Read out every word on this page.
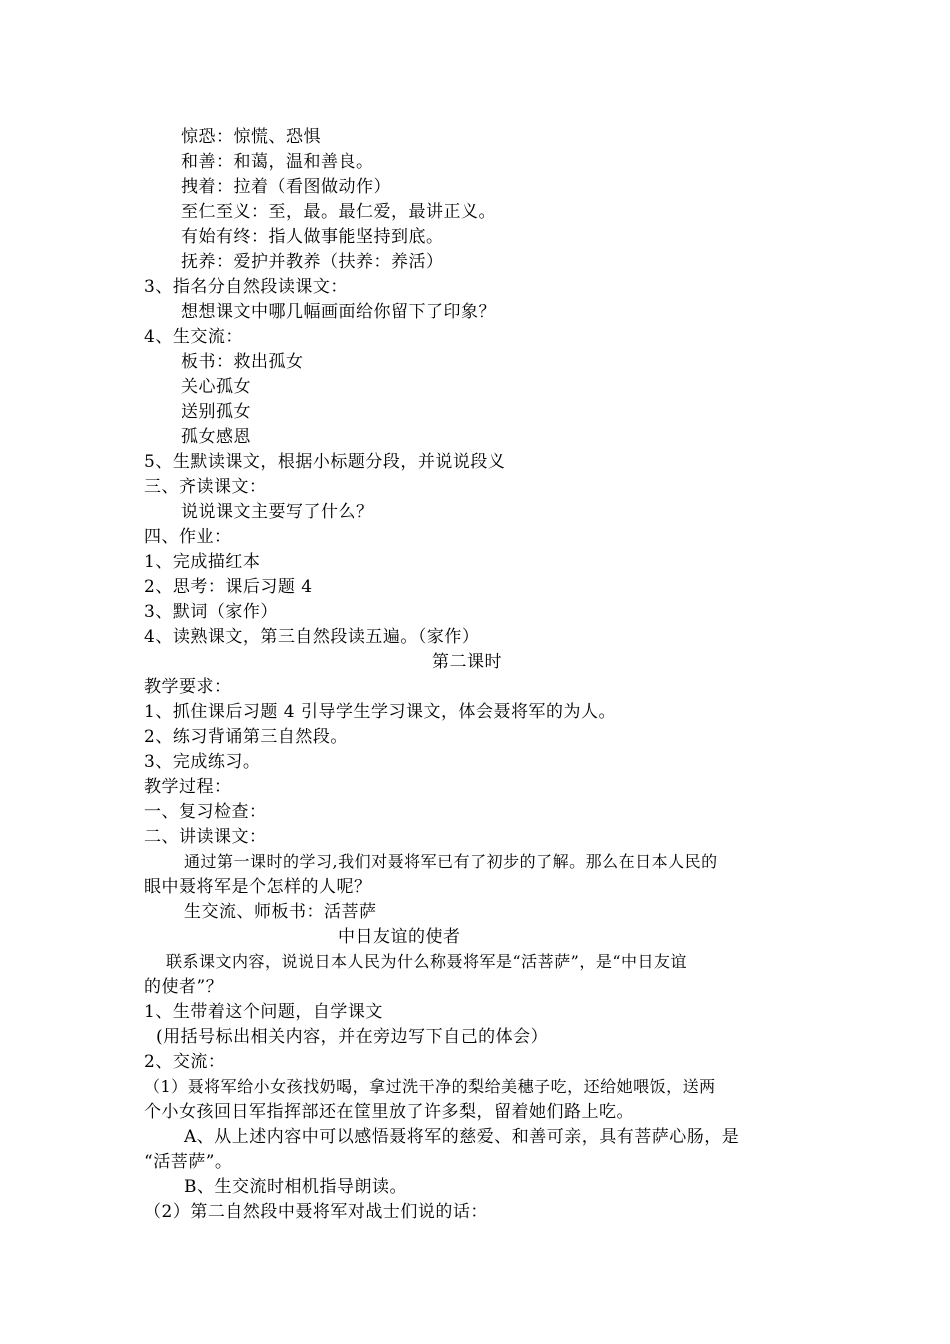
惊恐：惊慌、恐惧
和善：和蔼，温和善良。
拽着：拉着（看图做动作）
至仁至义：至，最。最仁爱，最讲正义。
有始有终：指人做事能坚持到底。
抚养：爱护并教养（扶养：养活）
3、指名分自然段读课文：
想想课文中哪几幅画面给你留下了印象？
4、生交流：
板书：救出孤女
关心孤女
送别孤女
孤女感恩
5、生默读课文，根据小标题分段，并说说段义
三、齐读课文：
说说课文主要写了什么？
四、作业：
1、完成描红本
2、思考：课后习题 4
3、默词（家作）
4、读熟课文，第三自然段读五遍。（家作）
第二课时
教学要求：
1、抓住课后习题 4 引导学生学习课文，体会聂将军的为人。
2、练习背诵第三自然段。
3、完成练习。
教学过程：
一、复习检查：
二、讲读课文：
通过第一课时的学习,我们对聂将军已有了初步的了解。那么在日本人民的
眼中聂将军是个怎样的人呢？
生交流、师板书：活菩萨
中日友谊的使者
联系课文内容，说说日本人民为什么称聂将军是“活菩萨”，是“中日友谊
的使者”？
1、生带着这个问题，自学课文
(用括号标出相关内容，并在旁边写下自己的体会）
2、交流：
（1）聂将军给小女孩找奶喝，拿过洗干净的梨给美穗子吃，还给她喂饭，送两
个小女孩回日军指挥部还在筐里放了许多梨，留着她们路上吃。
A、从上述内容中可以感悟聂将军的慈爱、和善可亲，具有菩萨心肠，是
“活菩萨”。
B、生交流时相机指导朗读。
（2）第二自然段中聂将军对战士们说的话：
